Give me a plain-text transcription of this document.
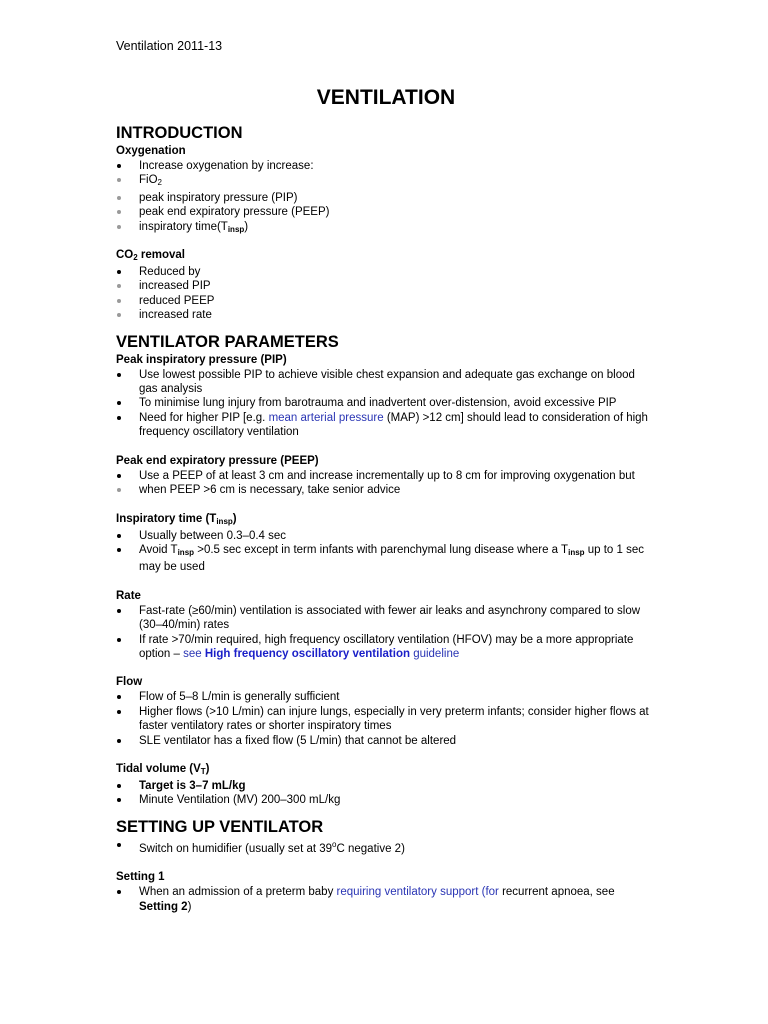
Ventilation 2011-13
VENTILATION
INTRODUCTION
Oxygenation
Increase oxygenation by increase:
FiO2
peak inspiratory pressure (PIP)
peak end expiratory pressure (PEEP)
inspiratory $time(T_{insp})$
$CO_2$ removal
Reduced by
increased PIP
reduced PEEP
increased rate
VENTILATOR PARAMETERS
Peak inspiratory pressure (PIP)
Use lowest possible PIP to achieve visible chest expansion and adequate gas exchange on blood gas analysis
To minimise lung injury from barotrauma and inadvertent over-distension, avoid excessive PIP
Need for higher PIP [e.g. mean arterial pressure (MAP) >12 cm] should lead to consideration of high frequency oscillatory ventilation
Peak end expiratory pressure (PEEP)
Use a PEEP of at least 3 cm and increase incrementally up to 8 cm for improving oxygenation but
when PEEP >6 cm is necessary, take senior advice
Inspiratory time $(T_{insp})$
Usually between 0.3–0.4 sec
Avoid $T_{insp} >0.5$ sec except in term infants with parenchymal lung disease where a $T_{insp}$ up to 1 sec may be used
Rate
Fast-rate (≥60/min) ventilation is associated with fewer air leaks and asynchrony compared to slow (30–40/min) rates
If rate >70/min required, high frequency oscillatory ventilation (HFOV) may be a more appropriate option – see High frequency oscillatory ventilation guideline
Flow
Flow of 5–8 L/min is generally sufficient
Higher flows (>10 L/min) can injure lungs, especially in very preterm infants; consider higher flows at faster ventilatory rates or shorter inspiratory times
SLE ventilator has a fixed flow (5 L/min) that cannot be altered
Tidal volume $(V_T)$
Target is 3–7 mL/kg
Minute Ventilation (MV) 200–300 mL/kg
SETTING UP VENTILATOR
Switch on humidifier (usually set at 39$^o$C negative 2)
Setting 1
When an admission of a preterm baby requiring ventilatory support (for recurrent apnoea, see Setting 2)
